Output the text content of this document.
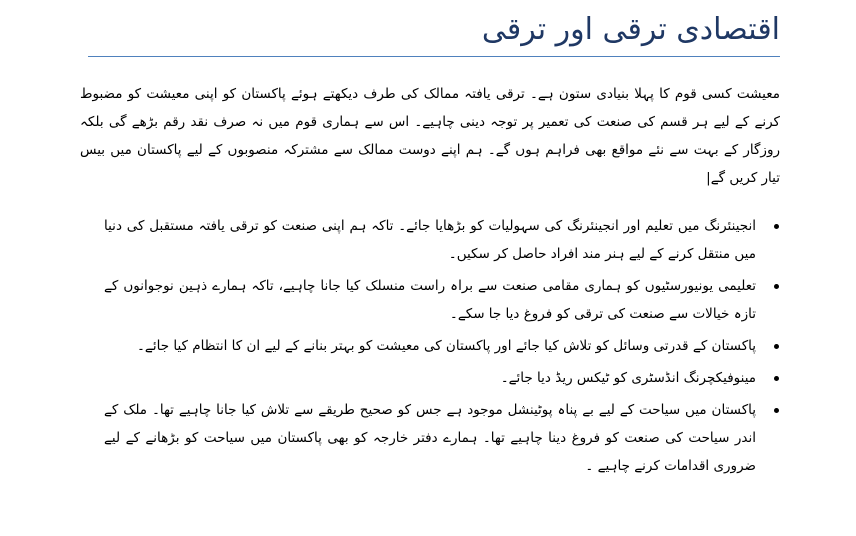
اقتصادی ترقی اور ترقی

معیشت کسی قوم کا پہلا بنیادی ستون ہے۔ ترقی یافتہ ممالک کی طرف دیکھتے ہوئے پاکستان کو اپنی معیشت کو مضبوط کرنے کے لیے ہر قسم کی صنعت کی تعمیر پر توجہ دینی چاہیے۔ اس سے ہماری قوم میں نہ صرف نقد رقم بڑھے گی بلکہ روزگار کے بہت سے نئے مواقع بھی فراہم ہوں گے۔ ہم اپنے دوست ممالک سے مشترکہ منصوبوں کے لیے پاکستان میں بیس تیار کریں گے|

انجینئرنگ میں تعلیم اور انجینئرنگ کی سہولیات کو بڑھایا جائے۔ تاکہ ہم اپنی صنعت کو ترقی یافتہ مستقبل کی دنیا میں منتقل کرنے کے لیے ہنر مند افراد حاصل کر سکیں۔
تعلیمی یونیورسٹیوں کو ہماری مقامی صنعت سے براہ راست منسلک کیا جانا چاہیے، تاکہ ہمارے ذہین نوجوانوں کے تازہ خیالات سے صنعت کی ترقی کو فروغ دیا جا سکے۔
پاکستان کے قدرتی وسائل کو تلاش کیا جائے اور پاکستان کی معیشت کو بہتر بنانے کے لیے ان کا انتظام کیا جائے۔
مینوفیکچرنگ انڈسٹری کو ٹیکس ریڈ دیا جائے۔
پاکستان میں سیاحت کے لیے بے پناہ پوٹینشل موجود ہے جس کو صحیح طریقے سے تلاش کیا جانا چاہیے تھا۔ ملک کے اندر سیاحت کی صنعت کو فروغ دینا چاہیے تھا۔ ہمارے دفتر خارجہ کو بھی پاکستان میں سیاحت کو بڑھانے کے لیے ضروری اقدامات کرنے چاہیے ۔
